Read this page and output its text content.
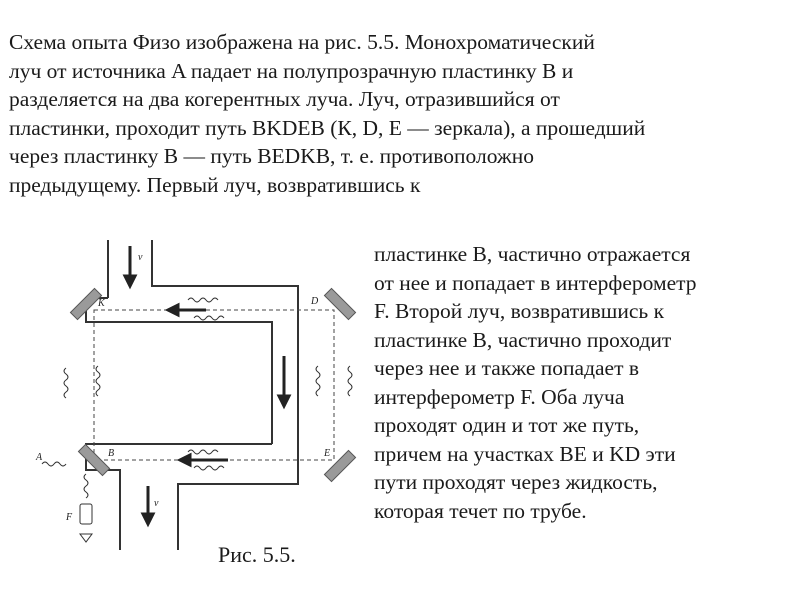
Схема опыта Физо изображена на рис. 5.5. Монохроматический
луч от источника A падает на полупрозрачную пластинку B и
разделяется на два когерентных луча. Луч, отразившийся от
пластинки, проходит путь BKDEB (К, D, E — зеркала), а прошедший
через пластинку B — путь BEDKB, т. е. противоположно
предыдущему. Первый луч, возвратившись к
пластинке B, частично отражается
от нее и попадает в интерферометр
F. Второй луч, возвратившись к
пластинке B, частично проходит
через нее и также попадает в
интерферометр F. Оба луча
проходят один и тот же путь,
причем на участках BE и KD эти
пути проходят через жидкость,
которая течет по трубе.
K	D
A	B	E
F
v
v

Рис. 5.5.
